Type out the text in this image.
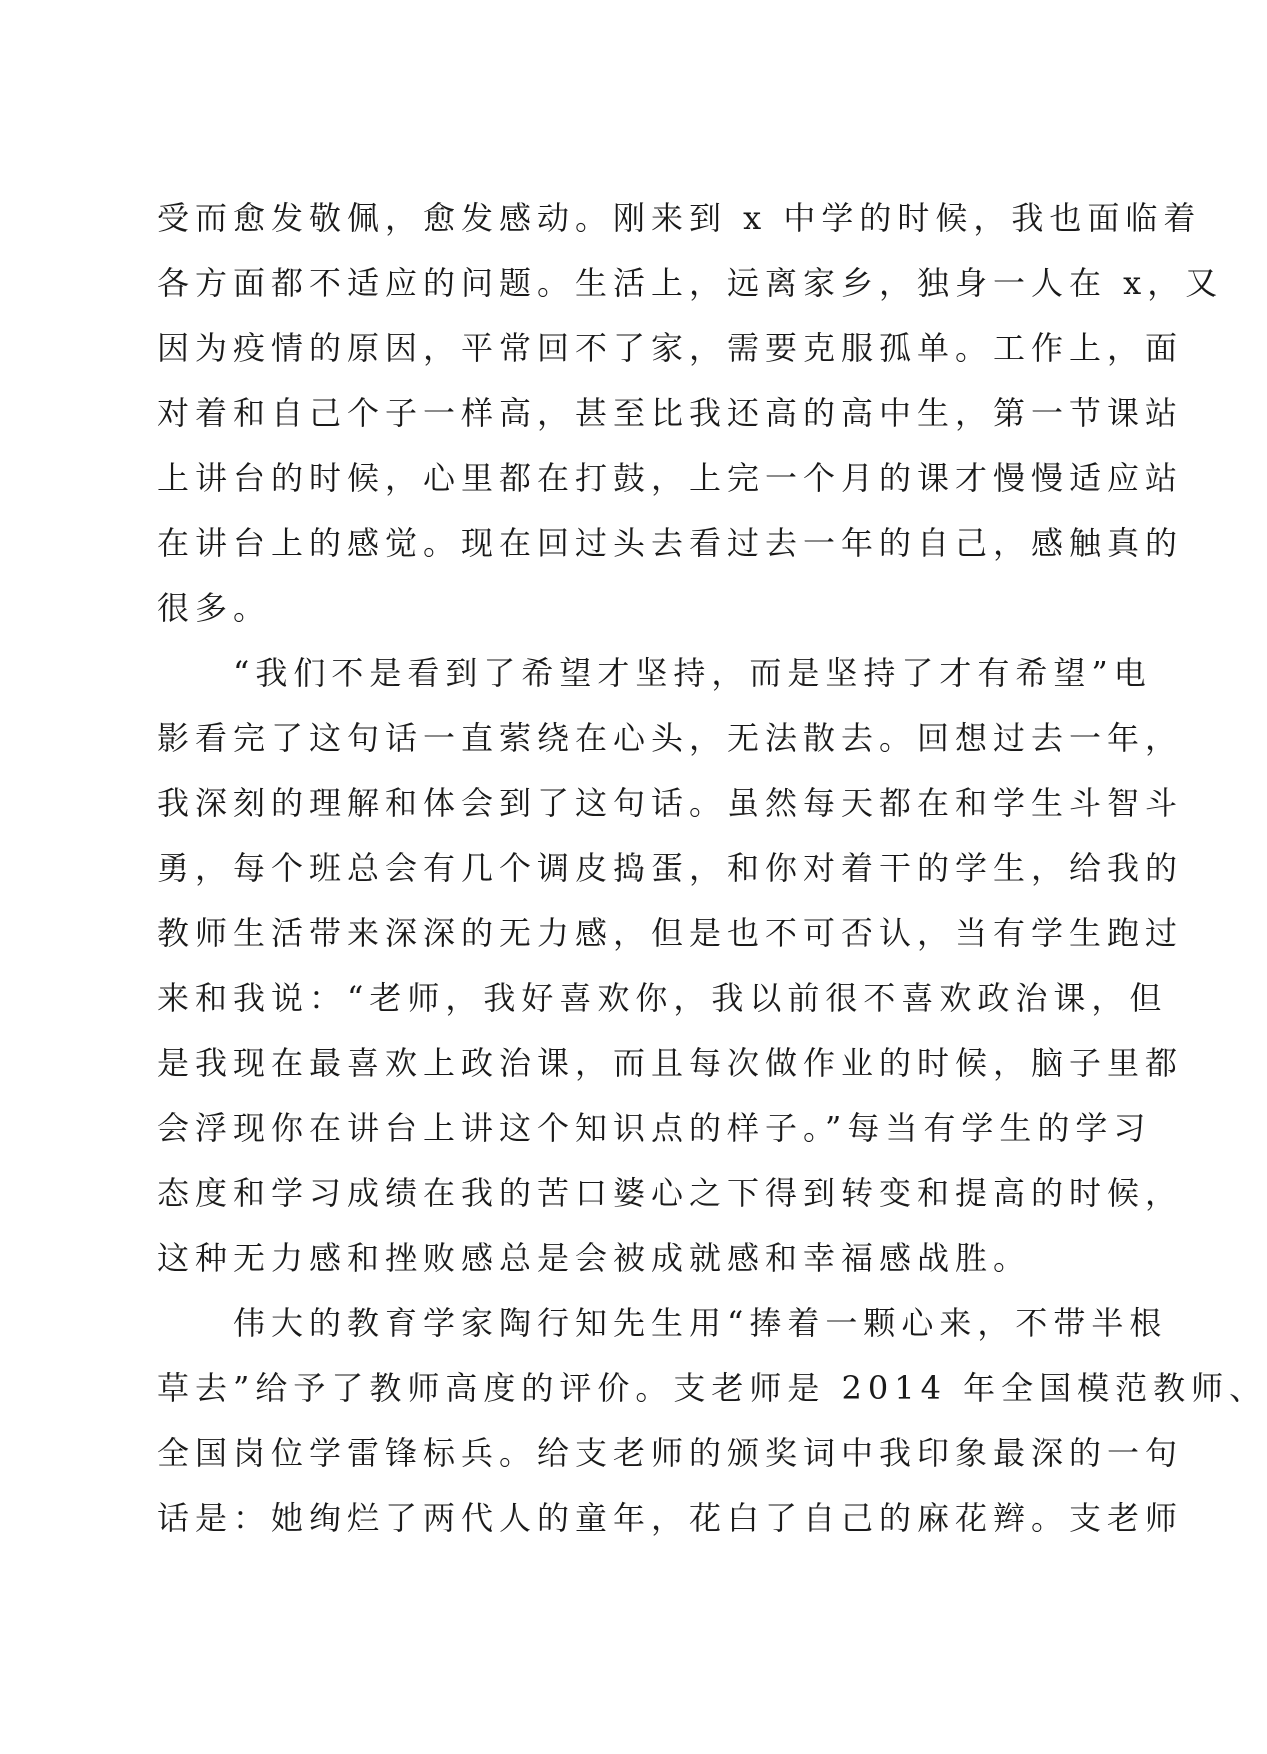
受而愈发敬佩，愈发感动。刚来到 x 中学的时候，我也面临着
各方面都不适应的问题。生活上，远离家乡，独身一人在 x，又
因为疫情的原因，平常回不了家，需要克服孤单。工作上，面
对着和自己个子一样高，甚至比我还高的高中生，第一节课站
上讲台的时候，心里都在打鼓，上完一个月的课才慢慢适应站
在讲台上的感觉。现在回过头去看过去一年的自己，感触真的
很多。
　　“我们不是看到了希望才坚持，而是坚持了才有希望”电
影看完了这句话一直萦绕在心头，无法散去。回想过去一年，
我深刻的理解和体会到了这句话。虽然每天都在和学生斗智斗
勇，每个班总会有几个调皮捣蛋，和你对着干的学生，给我的
教师生活带来深深的无力感，但是也不可否认，当有学生跑过
来和我说：“老师，我好喜欢你，我以前很不喜欢政治课，但
是我现在最喜欢上政治课，而且每次做作业的时候，脑子里都
会浮现你在讲台上讲这个知识点的样子。”每当有学生的学习
态度和学习成绩在我的苦口婆心之下得到转变和提高的时候，
这种无力感和挫败感总是会被成就感和幸福感战胜。
　　伟大的教育学家陶行知先生用“捧着一颗心来，不带半根
草去”给予了教师高度的评价。支老师是 2014 年全国模范教师、
全国岗位学雷锋标兵。给支老师的颁奖词中我印象最深的一句
话是：她绚烂了两代人的童年，花白了自己的麻花辫。支老师
